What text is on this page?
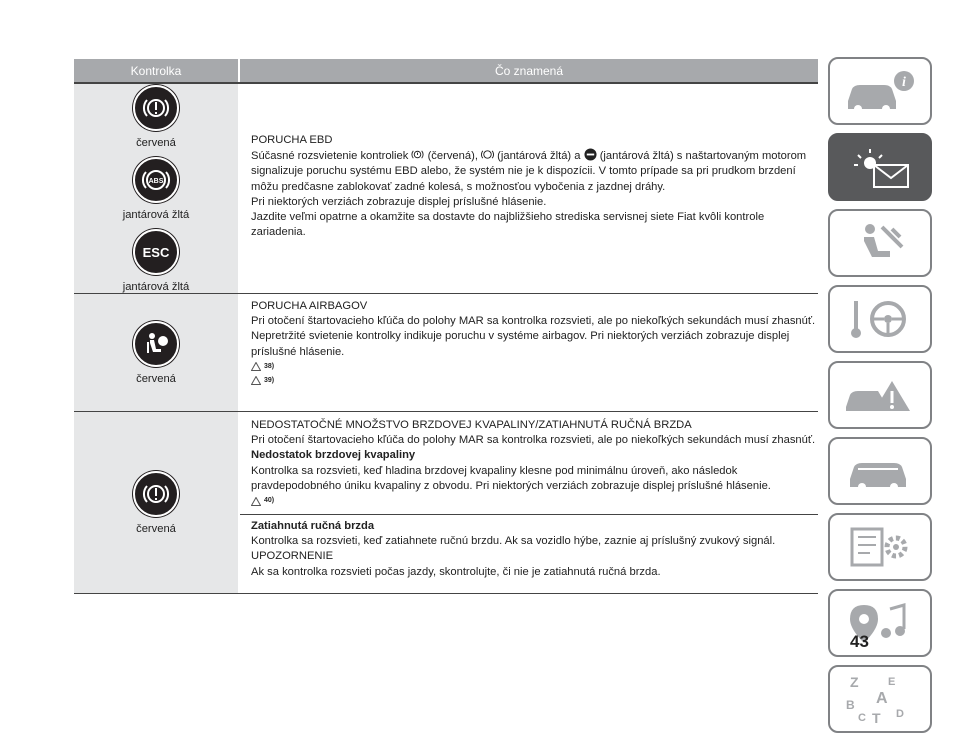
Kontrolka	Čo znamená
červená
ABS
jantárová žltá
ESC
jantárová žltá
PORUCHA EBD
Súčasné rozsvietenie kontroliek (červená), (jantárová žltá) a (jantárová žltá) s naštartovaným motorom signalizuje poruchu systému EBD alebo, že systém nie je k dispozícii. V tomto prípade sa pri prudkom brzdení môžu predčasne zablokovať zadné kolesá, s možnosťou vybočenia z jazdnej dráhy.
Pri niektorých verziách zobrazuje displej príslušné hlásenie.
Jazdite veľmi opatrne a okamžite sa dostavte do najbližšieho strediska servisnej siete Fiat kvôli kontrole zariadenia.
červená
PORUCHA AIRBAGOV
Pri otočení štartovacieho kľúča do polohy MAR sa kontrolka rozsvieti, ale po niekoľkých sekundách musí zhasnúť.
Nepretržité svietenie kontrolky indikuje poruchu v systéme airbagov. Pri niektorých verziách zobrazuje displej príslušné hlásenie.
38)
39)
červená
NEDOSTATOČNÉ MNOŽSTVO BRZDOVEJ KVAPALINY/ZATIAHNUTÁ RUČNÁ BRZDA
Pri otočení štartovacieho kľúča do polohy MAR sa kontrolka rozsvieti, ale po niekoľkých sekundách musí zhasnúť.
Nedostatok brzdovej kvapaliny
Kontrolka sa rozsvieti, keď hladina brzdovej kvapaliny klesne pod minimálnu úroveň, ako následok pravdepodobného úniku kvapaliny z obvodu. Pri niektorých verziách zobrazuje displej príslušné hlásenie.
40)
Zatiahnutá ručná brzda
Kontrolka sa rozsvieti, keď zatiahnete ručnú brzdu. Ak sa vozidlo hýbe, zaznie aj príslušný zvukový signál.
UPOZORNENIE
Ak sa kontrolka rozsvieti počas jazdy, skontrolujte, či nie je zatiahnutá ručná brzda.
i
Z	E
A
B
C T D
43
